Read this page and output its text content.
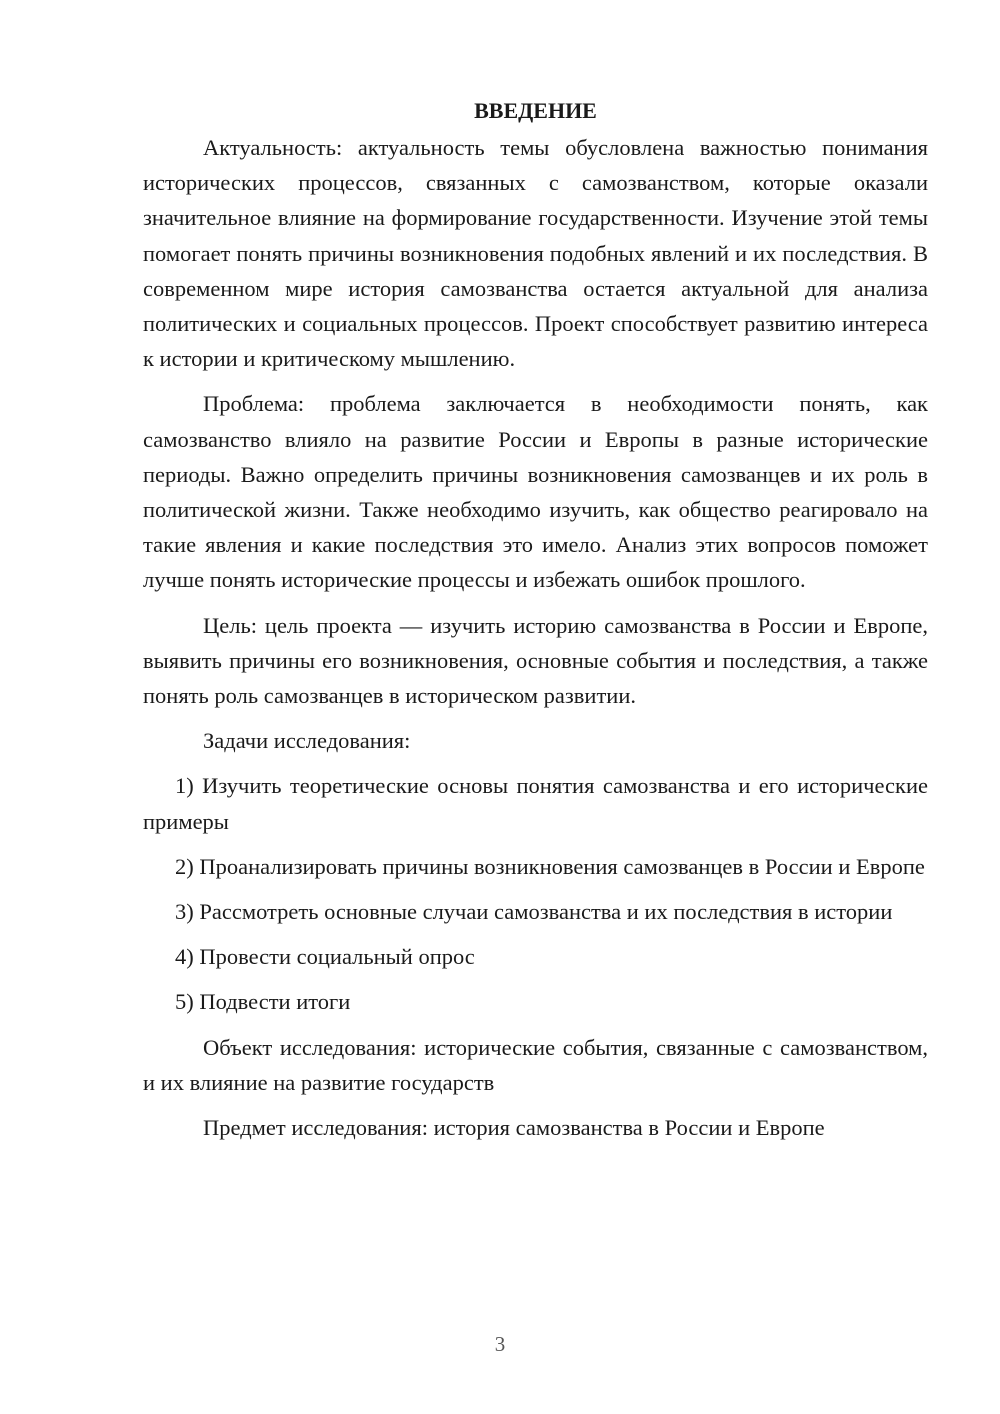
ВВЕДЕНИЕ

Актуальность: актуальность темы обусловлена важностью понимания исторических процессов, связанных с самозванством, которые оказали значительное влияние на формирование государственности. Изучение этой темы помогает понять причины возникновения подобных явлений и их последствия. В современном мире история самозванства остается актуальной для анализа политических и социальных процессов. Проект способствует развитию интереса к истории и критическому мышлению.

Проблема: проблема заключается в необходимости понять, как самозванство влияло на развитие России и Европы в разные исторические периоды. Важно определить причины возникновения самозванцев и их роль в политической жизни. Также необходимо изучить, как общество реагировало на такие явления и какие последствия это имело. Анализ этих вопросов поможет лучше понять исторические процессы и избежать ошибок прошлого.

Цель: цель проекта — изучить историю самозванства в России и Европе, выявить причины его возникновения, основные события и последствия, а также понять роль самозванцев в историческом развитии.

Задачи исследования:

1) Изучить теоретические основы понятия самозванства и его исторические примеры

2) Проанализировать причины возникновения самозванцев в России и Европе

3) Рассмотреть основные случаи самозванства и их последствия в истории

4) Провести социальный опрос

5) Подвести итоги

Объект исследования: исторические события, связанные с самозванством, и их влияние на развитие государств

Предмет исследования: история самозванства в России и Европе

3
